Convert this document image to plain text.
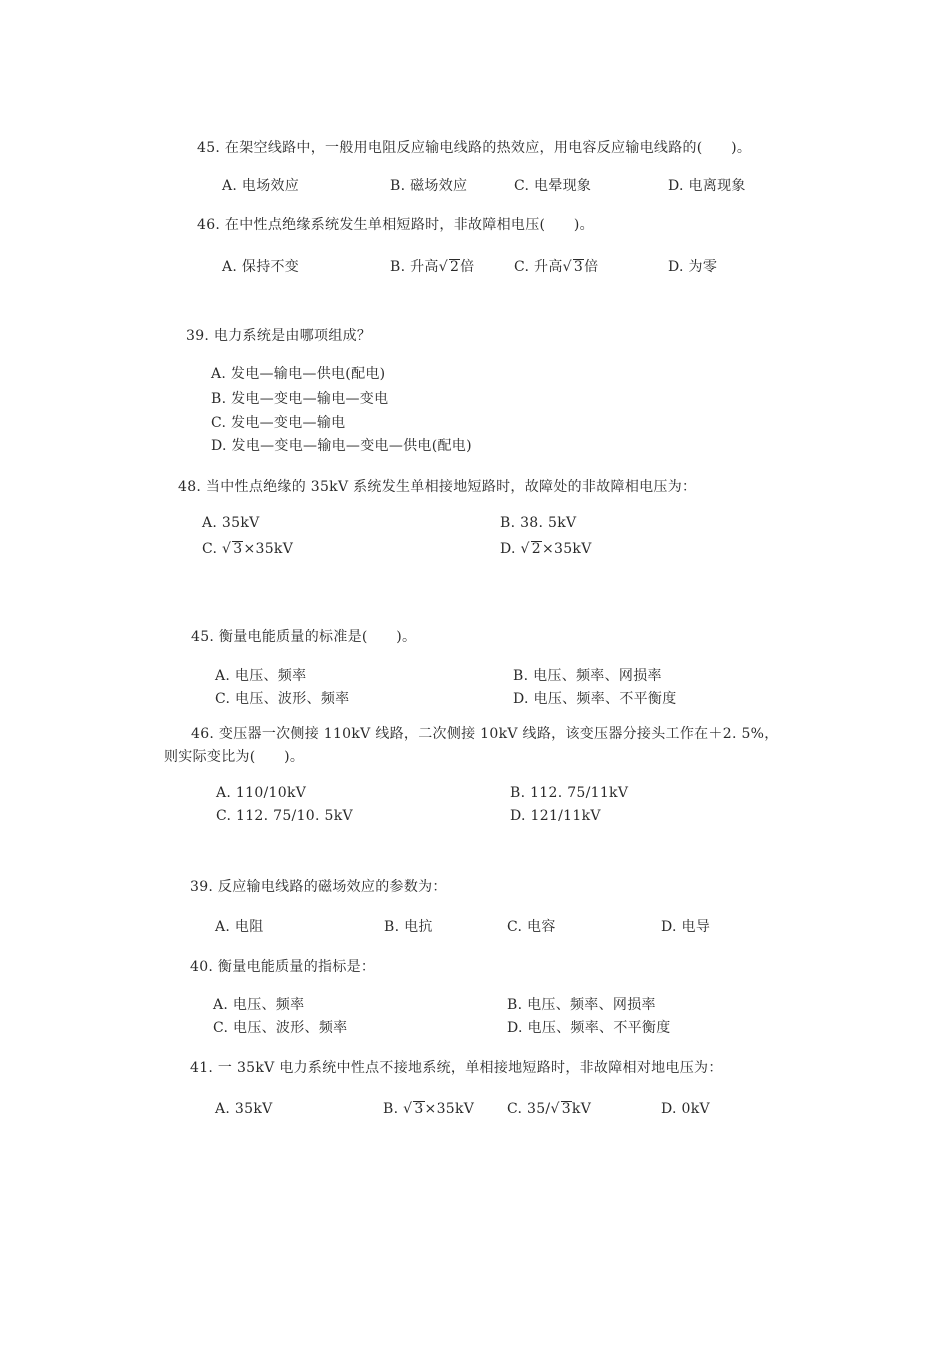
45. 在架空线路中，一般用电阻反应输电线路的热效应，用电容反应输电线路的(　　)。
A. 电场效应	B. 磁场效应	C. 电晕现象	D. 电离现象
46. 在中性点绝缘系统发生单相短路时，非故障相电压(　　)。
A. 保持不变	B. 升高√ 2倍	C. 升高√ 3倍	D. 为零
39. 电力系统是由哪项组成？
A. 发电—输电—供电(配电)
B. 发电—变电—输电—变电
C. 发电—变电—输电
D. 发电—变电—输电—变电—供电(配电)
48. 当中性点绝缘的 35kV 系统发生单相接地短路时，故障处的非故障相电压为：
A. 35kV	B. 38. 5kV
C. √ 3×35kV	D. √ 2×35kV
45. 衡量电能质量的标准是(　　)。
A. 电压、频率	B. 电压、频率、网损率
C. 电压、波形、频率	D. 电压、频率、不平衡度
46. 变压器一次侧接 110kV 线路，二次侧接 10kV 线路，该变压器分接头工作在＋2. 5%，
则实际变比为(　　)。
A. 110/10kV	B. 112. 75/11kV
C. 112. 75/10. 5kV	D. 121/11kV
39. 反应输电线路的磁场效应的参数为：
A. 电阻	B. 电抗	C. 电容	D. 电导
40. 衡量电能质量的指标是：
A. 电压、频率	B. 电压、频率、网损率
C. 电压、波形、频率	D. 电压、频率、不平衡度
41. 一 35kV 电力系统中性点不接地系统，单相接地短路时，非故障相对地电压为：
A. 35kV	B. √ 3×35kV C. 35/√ 3kV	D. 0kV
